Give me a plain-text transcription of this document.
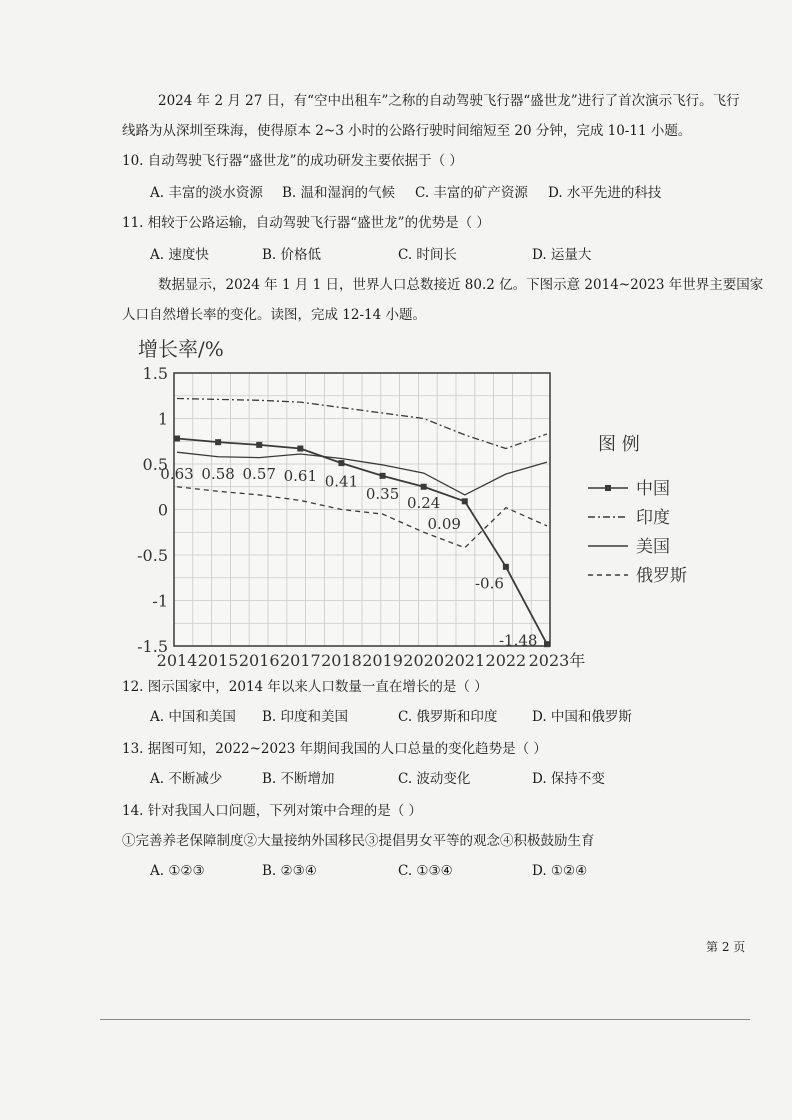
2024 年 2 月 27 日，有“空中出租车”之称的自动驾驶飞行器“盛世龙”进行了首次演示飞行。飞行
线路为从深圳至珠海，使得原本 2~3 小时的公路行驶时间缩短至 20 分钟，完成 10-11 小题。
10. 自动驾驶飞行器“盛世龙”的成功研发主要依据于（ ）
A. 丰富的淡水资源 B. 温和湿润的气候 C. 丰富的矿产资源 D. 水平先进的科技
11. 相较于公路运输，自动驾驶飞行器“盛世龙”的优势是（ ）
A. 速度快	B. 价格低	C. 时间长	D. 运量大
数据显示，2024 年 1 月 1 日，世界人口总数接近 80.2 亿。下图示意 2014~2023 年世界主要国家
人口自然增长率的变化。读图，完成 12-14 小题。
增长率/%
1.5
1
0.5
0
-0.5
-1
-1.5
2014 2015 2016 2017 2018 2019 2020 2021 2022 2023年
0.63 0.58 0.57 0.61 0.41
0.35
0.24
0.09
-0.6
-1.48
图 例
中国
印度
美国
俄罗斯
12. 图示国家中，2014 年以来人口数量一直在增长的是（ ）
A. 中国和美国 B. 印度和美国	C. 俄罗斯和印度	D. 中国和俄罗斯
13. 据图可知，2022~2023 年期间我国的人口总量的变化趋势是（ ）
A. 不断减少	B. 不断增加	C. 波动变化	D. 保持不变
14. 针对我国人口问题，下列对策中合理的是（ ）
①完善养老保障制度②大量接纳外国移民③提倡男女平等的观念④积极鼓励生育
A. ①②③	B. ②③④	C. ①③④	D. ①②④
第 2 页
